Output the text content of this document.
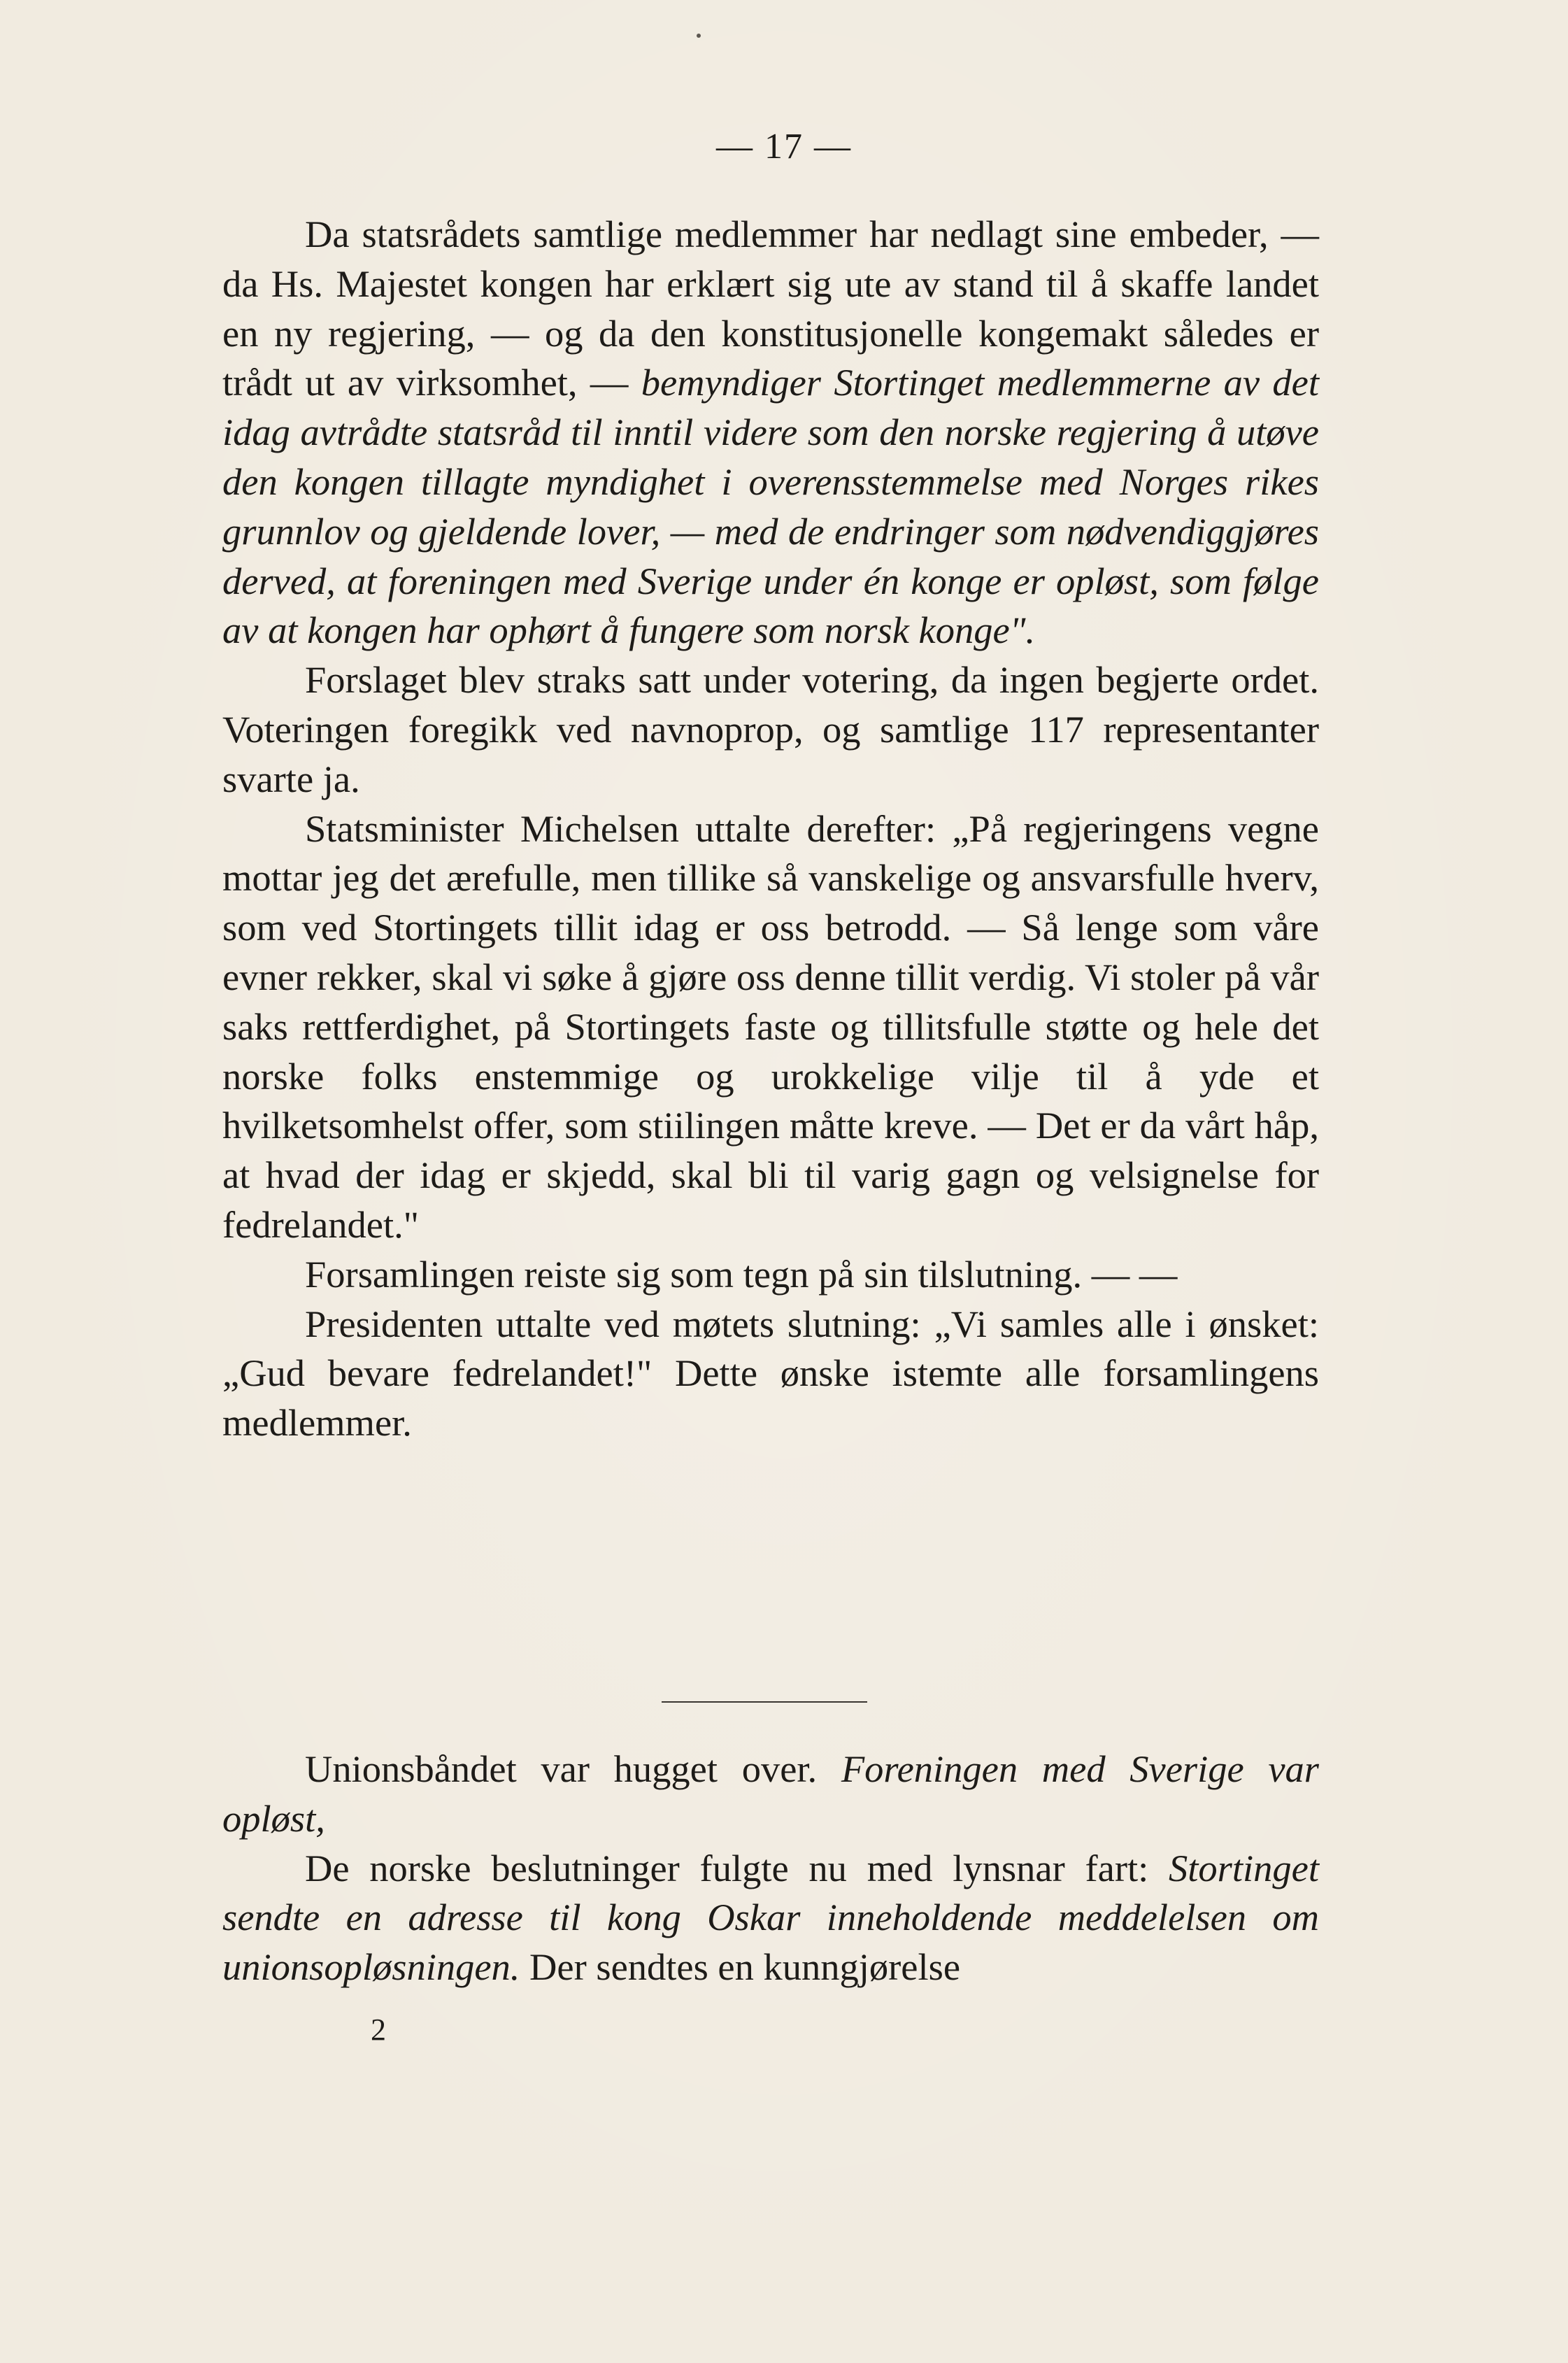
— 17 —

Da statsrådets samtlige medlemmer har nedlagt sine embeder, — da Hs. Majestet kongen har erklært sig ute av stand til å skaffe landet en ny regjering, — og da den konstitusjonelle kongemakt således er trådt ut av virksomhet, — bemyndiger Stortinget medlemmerne av det idag avtrådte statsråd til inntil videre som den norske regjering å utøve den kongen tillagte myndighet i overensstemmelse med Norges rikes grunnlov og gjeldende lover, — med de endringer som nødvendiggjøres derved, at foreningen med Sverige under én konge er opløst, som følge av at kongen har ophørt å fungere som norsk konge".

Forslaget blev straks satt under votering, da ingen begjerte ordet. Voteringen foregikk ved navnoprop, og samtlige 117 representanter svarte ja.

Statsminister Michelsen uttalte derefter: „På regjeringens vegne mottar jeg det ærefulle, men tillike så vanskelige og ansvarsfulle hverv, som ved Stortingets tillit idag er oss betrodd. — Så lenge som våre evner rekker, skal vi søke å gjøre oss denne tillit verdig. Vi stoler på vår saks rettferdighet, på Stortingets faste og tillitsfulle støtte og hele det norske folks enstemmige og urokkelige vilje til å yde et hvilketsomhelst offer, som stiilingen måtte kreve. — Det er da vårt håp, at hvad der idag er skjedd, skal bli til varig gagn og velsignelse for fedrelandet."

Forsamlingen reiste sig som tegn på sin tilslutning. — —

Presidenten uttalte ved møtets slutning: „Vi samles alle i ønsket: „Gud bevare fedrelandet!" Dette ønske istemte alle forsamlingens medlemmer.

Unionsbåndet var hugget over. Foreningen med Sverige var opløst,

De norske beslutninger fulgte nu med lynsnar fart: Stortinget sendte en adresse til kong Oskar inneholdende meddelelsen om unionsopløsningen. Der sendtes en kunngjørelse

2
